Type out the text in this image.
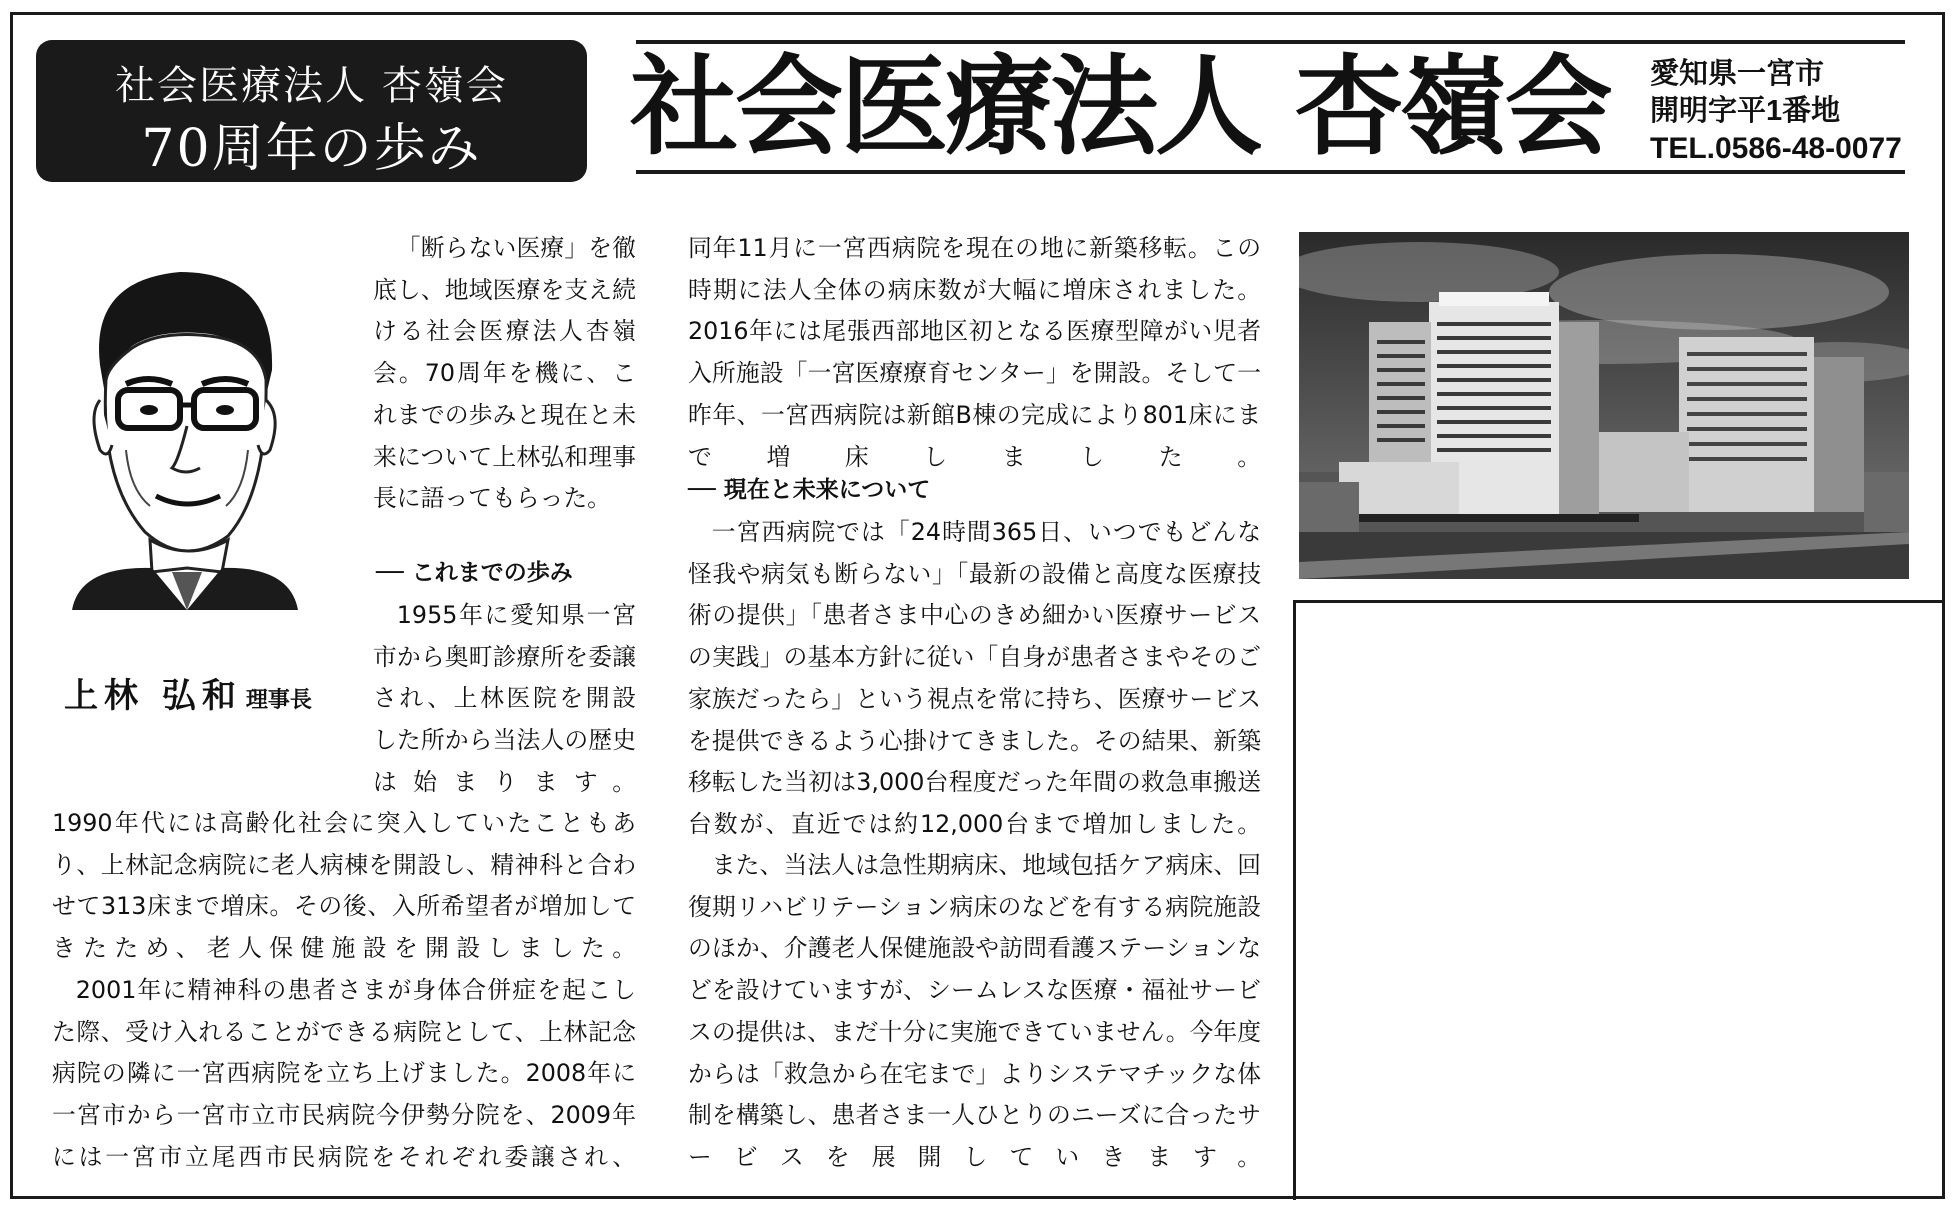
社会医療法人 杏嶺会
70周年の歩み	社会医療法人 杏嶺会	愛知県一宮市
開明字平1番地
TEL.0586-48-0077
上林 弘和 理事長

「断らない医療」を徹底し、地域医療を支え続ける社会医療法人杏嶺会。70周年を機に、これまでの歩みと現在と未来について上林弘和理事長に語ってもらった。

── これまでの歩み

1955年に愛知県一宮市から奥町診療所を委譲され、上林医院を開設した所から当法人の歴史は始まります。

1990年代には高齢化社会に突入していたこともあり、上林記念病院に老人病棟を開設し、精神科と合わせて313床まで増床。その後、入所希望者が増加してきたため、老人保健施設を開設しました。

2001年に精神科の患者さまが身体合併症を起こした際、受け入れることができる病院として、上林記念病院の隣に一宮西病院を立ち上げました。2008年に一宮市から一宮市立市民病院今伊勢分院を、2009年には一宮市立尾西市民病院をそれぞれ委譲され、

同年11月に一宮西病院を現在の地に新築移転。この時期に法人全体の病床数が大幅に増床されました。2016年には尾張西部地区初となる医療型障がい児者入所施設「一宮医療療育センター」を開設。そして一昨年、一宮西病院は新館B棟の完成により801床にまで増床しました。

── 現在と未来について

一宮西病院では「24時間365日、いつでもどんな怪我や病気も断らない」「最新の設備と高度な医療技術の提供」「患者さま中心のきめ細かい医療サービスの実践」の基本方針に従い「自身が患者さまやそのご家族だったら」という視点を常に持ち、医療サービスを提供できるよう心掛けてきました。その結果、新築移転した当初は3,000台程度だった年間の救急車搬送台数が、直近では約12,000台まで増加しました。

また、当法人は急性期病床、地域包括ケア病床、回復期リハビリテーション病床のなどを有する病院施設のほか、介護老人保健施設や訪問看護ステーションなどを設けていますが、シームレスな医療・福祉サービスの提供は、まだ十分に実施できていません。今年度からは「救急から在宅まで」よりシステマチックな体制を構築し、患者さま一人ひとりのニーズに合ったサービスを展開していきます。
